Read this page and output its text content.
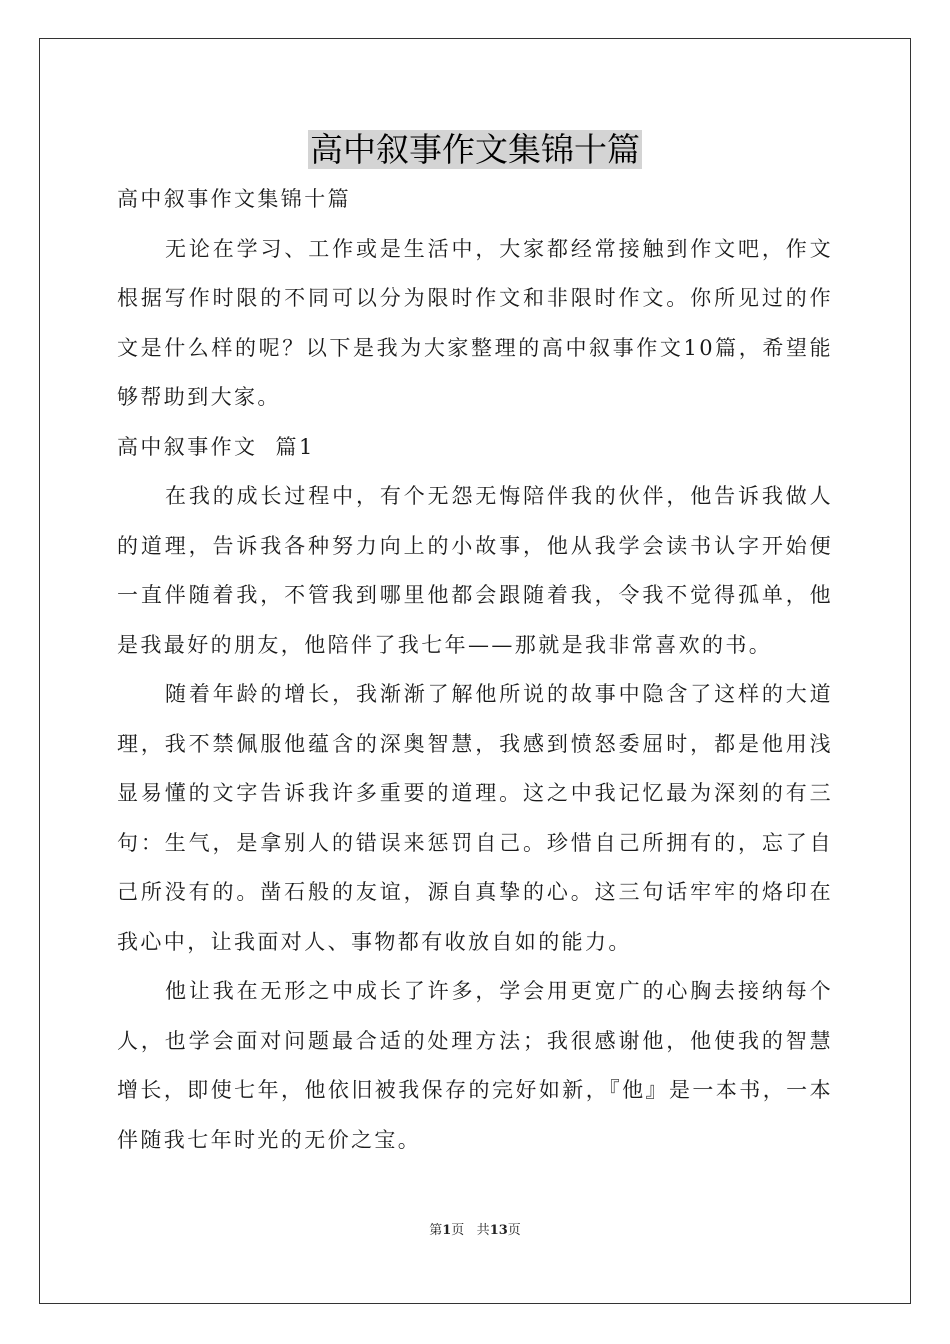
高中叙事作文集锦十篇

高中叙事作文集锦十篇

无论在学习、工作或是生活中，大家都经常接触到作文吧，作文根据写作时限的不同可以分为限时作文和非限时作文。你所见过的作文是什么样的呢？以下是我为大家整理的高中叙事作文10篇，希望能够帮助到大家。

高中叙事作文  篇1

在我的成长过程中，有个无怨无悔陪伴我的伙伴，他告诉我做人的道理，告诉我各种努力向上的小故事，他从我学会读书认字开始便一直伴随着我，不管我到哪里他都会跟随着我，令我不觉得孤单，他是我最好的朋友，他陪伴了我七年——那就是我非常喜欢的书。

随着年龄的增长，我渐渐了解他所说的故事中隐含了这样的大道理，我不禁佩服他蕴含的深奥智慧，我感到愤怒委屈时，都是他用浅显易懂的文字告诉我许多重要的道理。这之中我记忆最为深刻的有三句：生气，是拿别人的错误来惩罚自己。珍惜自己所拥有的，忘了自己所没有的。凿石般的友谊，源自真挚的心。这三句话牢牢的烙印在我心中，让我面对人、事物都有收放自如的能力。

他让我在无形之中成长了许多，学会用更宽广的心胸去接纳每个人，也学会面对问题最合适的处理方法；我很感谢他，他使我的智慧增长，即使七年，他依旧被我保存的完好如新，『他』是一本书，一本伴随我七年时光的无价之宝。

第1页 共13页
